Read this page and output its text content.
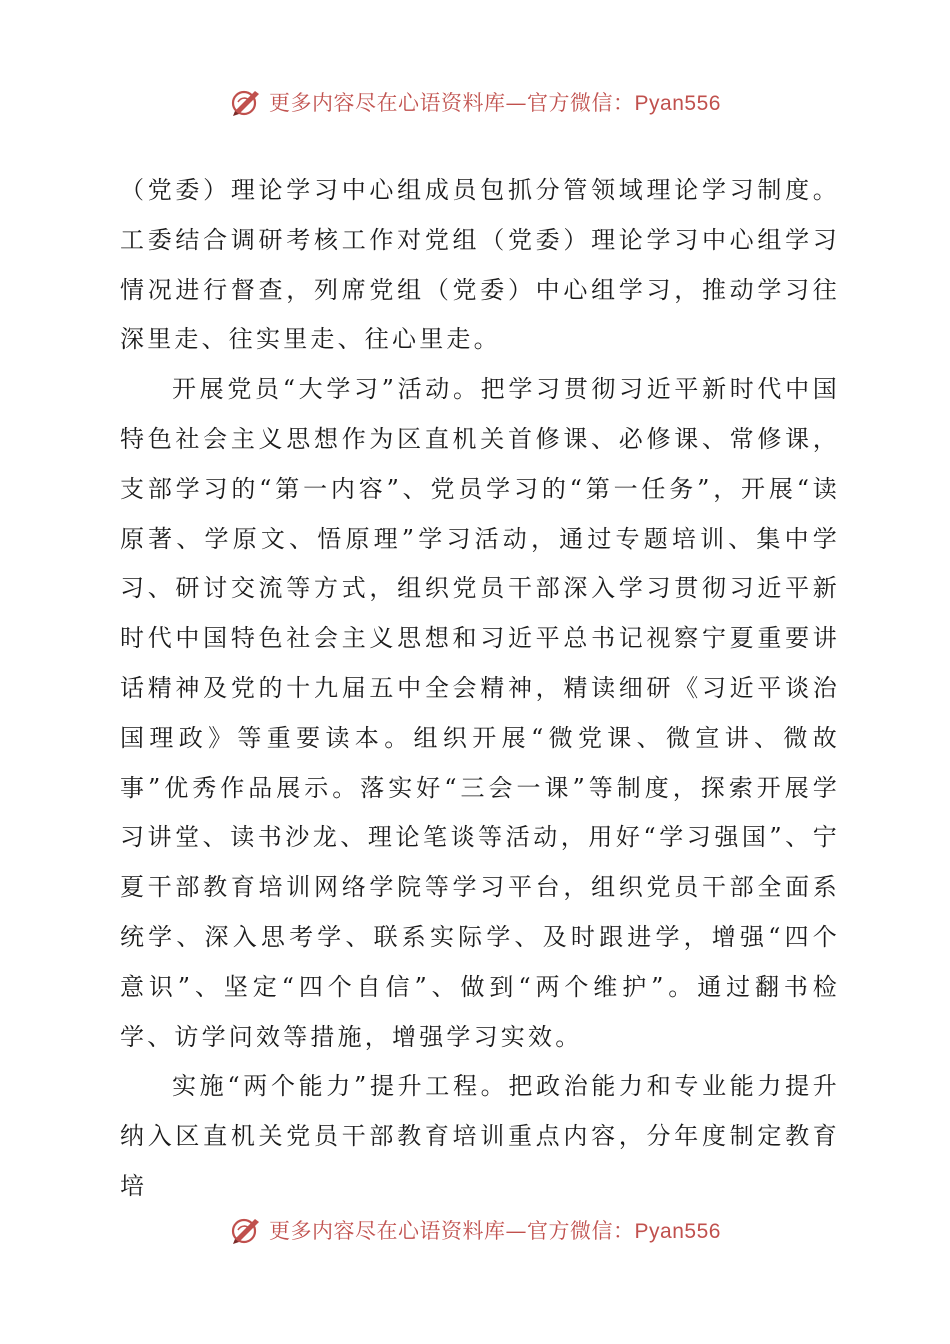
更多内容尽在心语资料库—官方微信：Pyan556

（党委）理论学习中心组成员包抓分管领域理论学习制度。工委结合调研考核工作对党组（党委）理论学习中心组学习情况进行督查，列席党组（党委）中心组学习，推动学习往深里走、往实里走、往心里走。

开展党员“大学习”活动。把学习贯彻习近平新时代中国特色社会主义思想作为区直机关首修课、必修课、常修课，支部学习的“第一内容”、党员学习的“第一任务”，开展“读原著、学原文、悟原理”学习活动，通过专题培训、集中学习、研讨交流等方式，组织党员干部深入学习贯彻习近平新时代中国特色社会主义思想和习近平总书记视察宁夏重要讲话精神及党的十九届五中全会精神，精读细研《习近平谈治国理政》等重要读本。组织开展“微党课、微宣讲、微故事”优秀作品展示。落实好“三会一课”等制度，探索开展学习讲堂、读书沙龙、理论笔谈等活动，用好“学习强国”、宁夏干部教育培训网络学院等学习平台，组织党员干部全面系统学、深入思考学、联系实际学、及时跟进学，增强“四个意识”、坚定“四个自信”、做到“两个维护”。通过翻书检学、访学问效等措施，增强学习实效。

实施“两个能力”提升工程。把政治能力和专业能力提升纳入区直机关党员干部教育培训重点内容，分年度制定教育培

更多内容尽在心语资料库—官方微信：Pyan556
